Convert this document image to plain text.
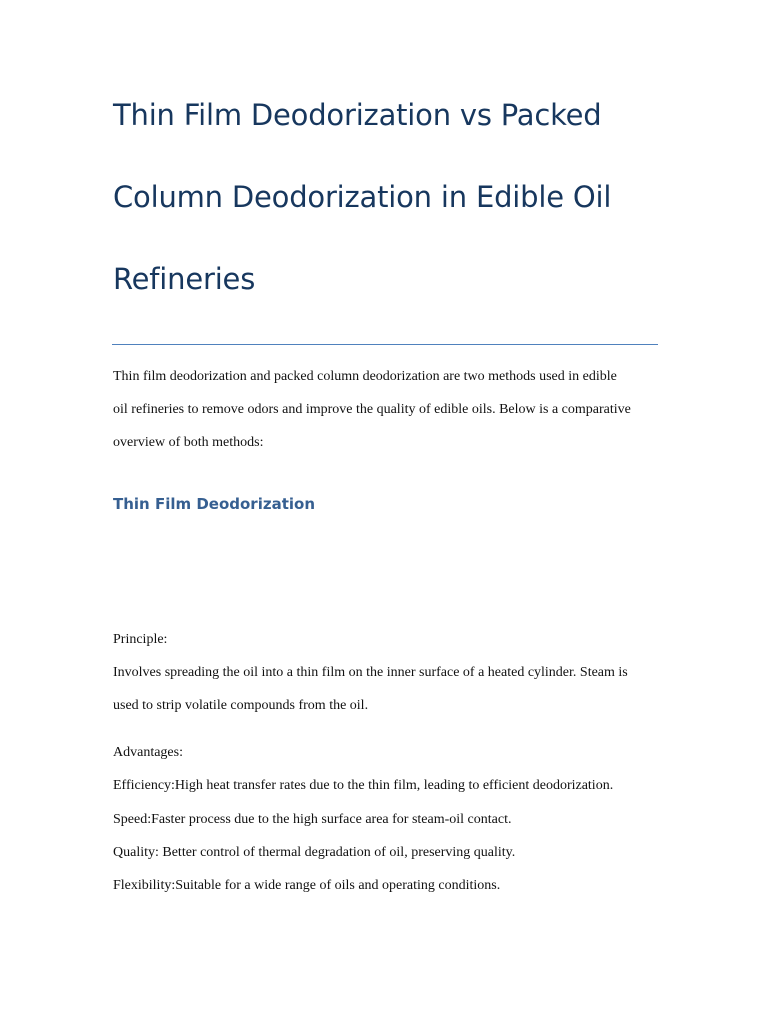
Thin Film Deodorization vs Packed
Column Deodorization in Edible Oil
Refineries

Thin film deodorization and packed column deodorization are two methods used in edible
oil refineries to remove odors and improve the quality of edible oils. Below is a comparative
overview of both methods:

Thin Film Deodorization

Principle:

Involves spreading the oil into a thin film on the inner surface of a heated cylinder. Steam is

used to strip volatile compounds from the oil.

Advantages:

Efficiency:High heat transfer rates due to the thin film, leading to efficient deodorization.

Speed:Faster process due to the high surface area for steam-oil contact.

Quality: Better control of thermal degradation of oil, preserving quality.

Flexibility:Suitable for a wide range of oils and operating conditions.
